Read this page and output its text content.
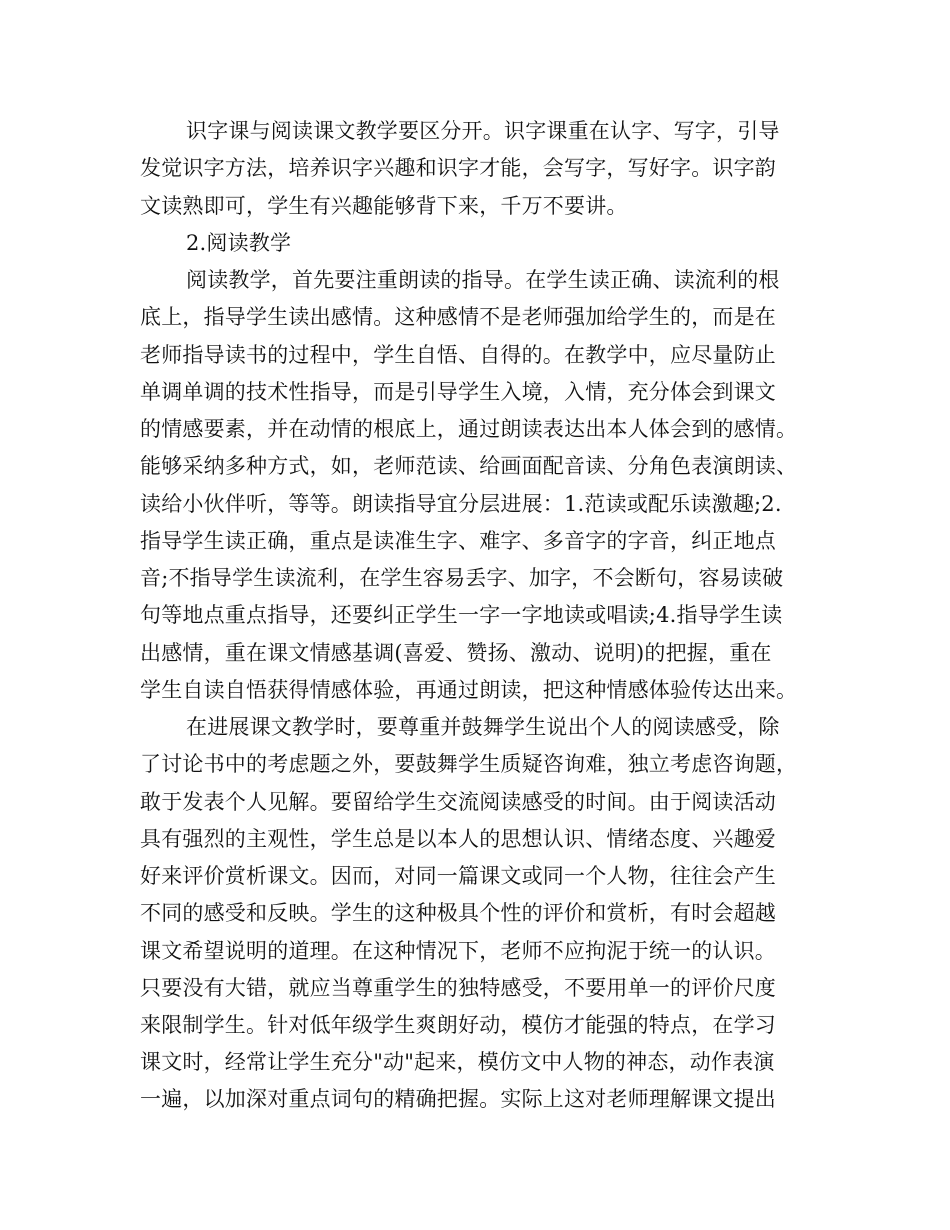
识字课与阅读课文教学要区分开。识字课重在认字、写字，引导
发觉识字方法，培养识字兴趣和识字才能，会写字，写好字。识字韵
文读熟即可，学生有兴趣能够背下来，千万不要讲。
2.阅读教学
阅读教学，首先要注重朗读的指导。在学生读正确、读流利的根
底上，指导学生读出感情。这种感情不是老师强加给学生的，而是在
老师指导读书的过程中，学生自悟、自得的。在教学中，应尽量防止
单调单调的技术性指导，而是引导学生入境，入情，充分体会到课文
的情感要素，并在动情的根底上，通过朗读表达出本人体会到的感情。
能够采纳多种方式，如，老师范读、给画面配音读、分角色表演朗读、
读给小伙伴听，等等。朗读指导宜分层进展：1.范读或配乐读激趣;2.
指导学生读正确，重点是读准生字、难字、多音字的字音，纠正地点
音;不指导学生读流利，在学生容易丢字、加字，不会断句，容易读破
句等地点重点指导，还要纠正学生一字一字地读或唱读;4.指导学生读
出感情，重在课文情感基调(喜爱、赞扬、激动、说明)的把握，重在
学生自读自悟获得情感体验，再通过朗读，把这种情感体验传达出来。
在进展课文教学时，要尊重并鼓舞学生说出个人的阅读感受，除
了讨论书中的考虑题之外，要鼓舞学生质疑咨询难，独立考虑咨询题，
敢于发表个人见解。要留给学生交流阅读感受的时间。由于阅读活动
具有强烈的主观性，学生总是以本人的思想认识、情绪态度、兴趣爱
好来评价赏析课文。因而，对同一篇课文或同一个人物，往往会产生
不同的感受和反映。学生的这种极具个性的评价和赏析，有时会超越
课文希望说明的道理。在这种情况下，老师不应拘泥于统一的认识。
只要没有大错，就应当尊重学生的独特感受，不要用单一的评价尺度
来限制学生。针对低年级学生爽朗好动，模仿才能强的特点，在学习
课文时，经常让学生充分"动"起来，模仿文中人物的神态，动作表演
一遍，以加深对重点词句的精确把握。实际上这对老师理解课文提出
